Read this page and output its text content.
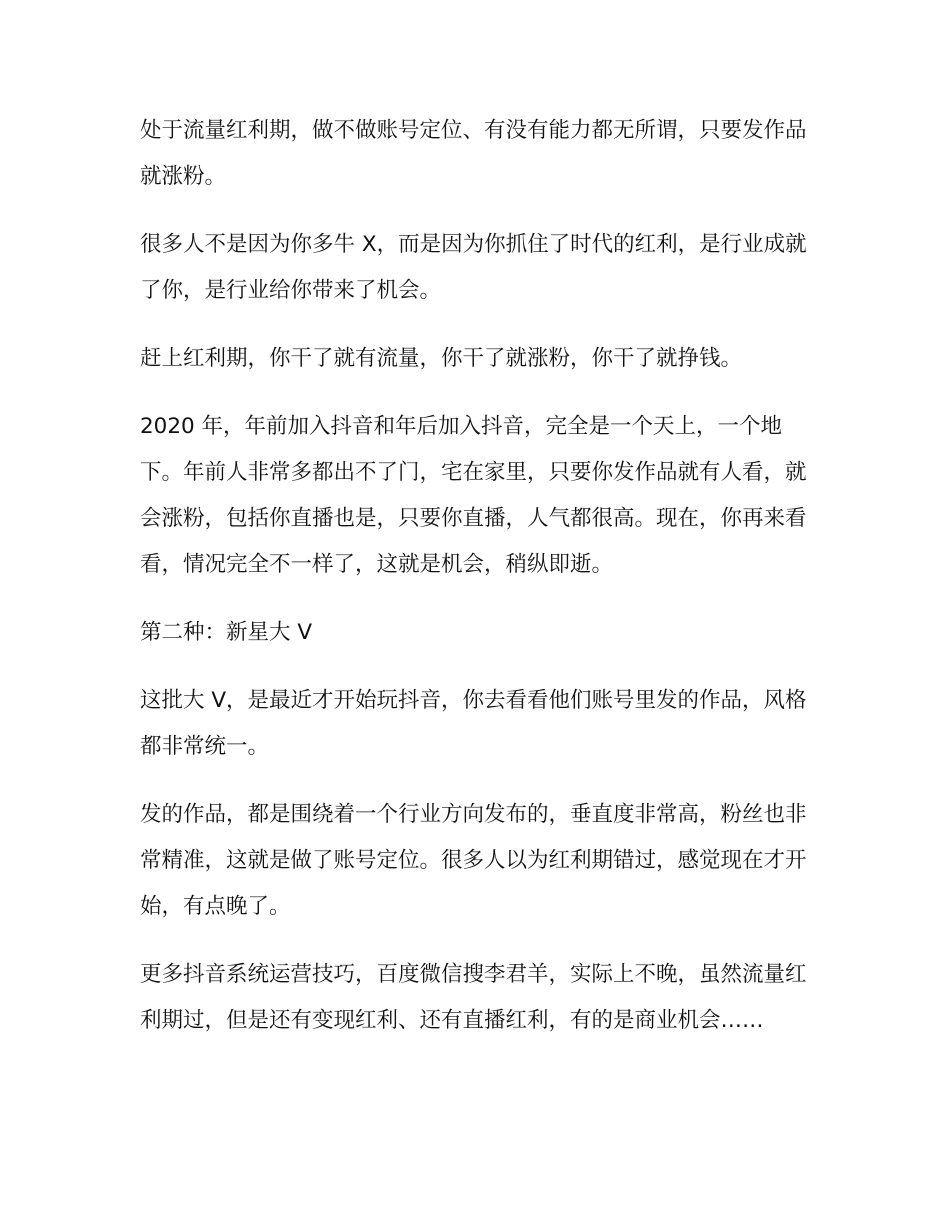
处于流量红利期，做不做账号定位、有没有能力都无所谓，只要发作品就涨粉。

很多人不是因为你多牛 X，而是因为你抓住了时代的红利，是行业成就了你，是行业给你带来了机会。

赶上红利期，你干了就有流量，你干了就涨粉，你干了就挣钱。

2020 年，年前加入抖音和年后加入抖音，完全是一个天上，一个地下。年前人非常多都出不了门，宅在家里，只要你发作品就有人看，就会涨粉，包括你直播也是，只要你直播，人气都很高。现在，你再来看看，情况完全不一样了，这就是机会，稍纵即逝。

第二种：新星大 V

这批大 V，是最近才开始玩抖音，你去看看他们账号里发的作品，风格都非常统一。

发的作品，都是围绕着一个行业方向发布的，垂直度非常高，粉丝也非常精准，这就是做了账号定位。很多人以为红利期错过，感觉现在才开始，有点晚了。

更多抖音系统运营技巧，百度微信搜李君羊，实际上不晚，虽然流量红利期过，但是还有变现红利、还有直播红利，有的是商业机会……
